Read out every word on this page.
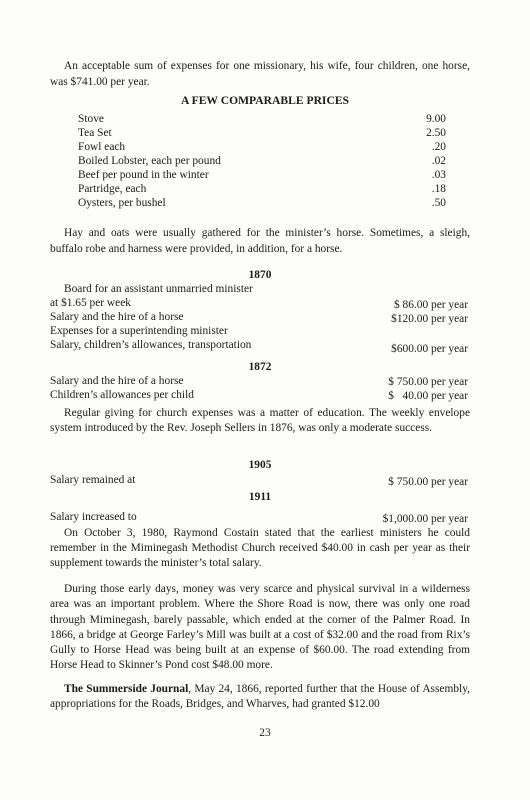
An acceptable sum of expenses for one missionary, his wife, four children, one horse, was $741.00 per year.
A FEW COMPARABLE PRICES
Stove	9.00
Tea Set	2.50
Fowl each	.20
Boiled Lobster, each per pound	.02
Beef per pound in the winter	.03
Partridge, each	.18
Oysters, per bushel	.50
Hay and oats were usually gathered for the minister’s horse. Sometimes, a sleigh, buffalo robe and harness were provided, in addition, for a horse.
1870
Board for an assistant unmarried minister
at $1.65 per week	$ 86.00 per year
Salary and the hire of a horse	$120.00 per year
Expenses for a superintending minister
Salary, children’s allowances, transportation	$600.00 per year
1872
Salary and the hire of a horse	$ 750.00 per year
Children’s allowances per child	$   40.00 per year
Regular giving for church expenses was a matter of education. The weekly envelope system introduced by the Rev. Joseph Sellers in 1876, was only a moderate success.
1905
Salary remained at	$ 750.00 per year
1911
Salary increased to	$1,000.00 per year
On October 3, 1980, Raymond Costain stated that the earliest ministers he could remember in the Miminegash Methodist Church received $40.00 in cash per year as their supplement towards the minister’s total salary.
During those early days, money was very scarce and physical survival in a wilderness area was an important problem. Where the Shore Road is now, there was only one road through Miminegash, barely passable, which ended at the corner of the Palmer Road. In 1866, a bridge at George Farley’s Mill was built at a cost of $32.00 and the road from Rix’s Gully to Horse Head was being built at an expense of $60.00. The road extending from Horse Head to Skinner’s Pond cost $48.00 more.
The Summerside Journal, May 24, 1866, reported further that the House of Assembly, appropriations for the Roads, Bridges, and Wharves, had granted $12.00
23
